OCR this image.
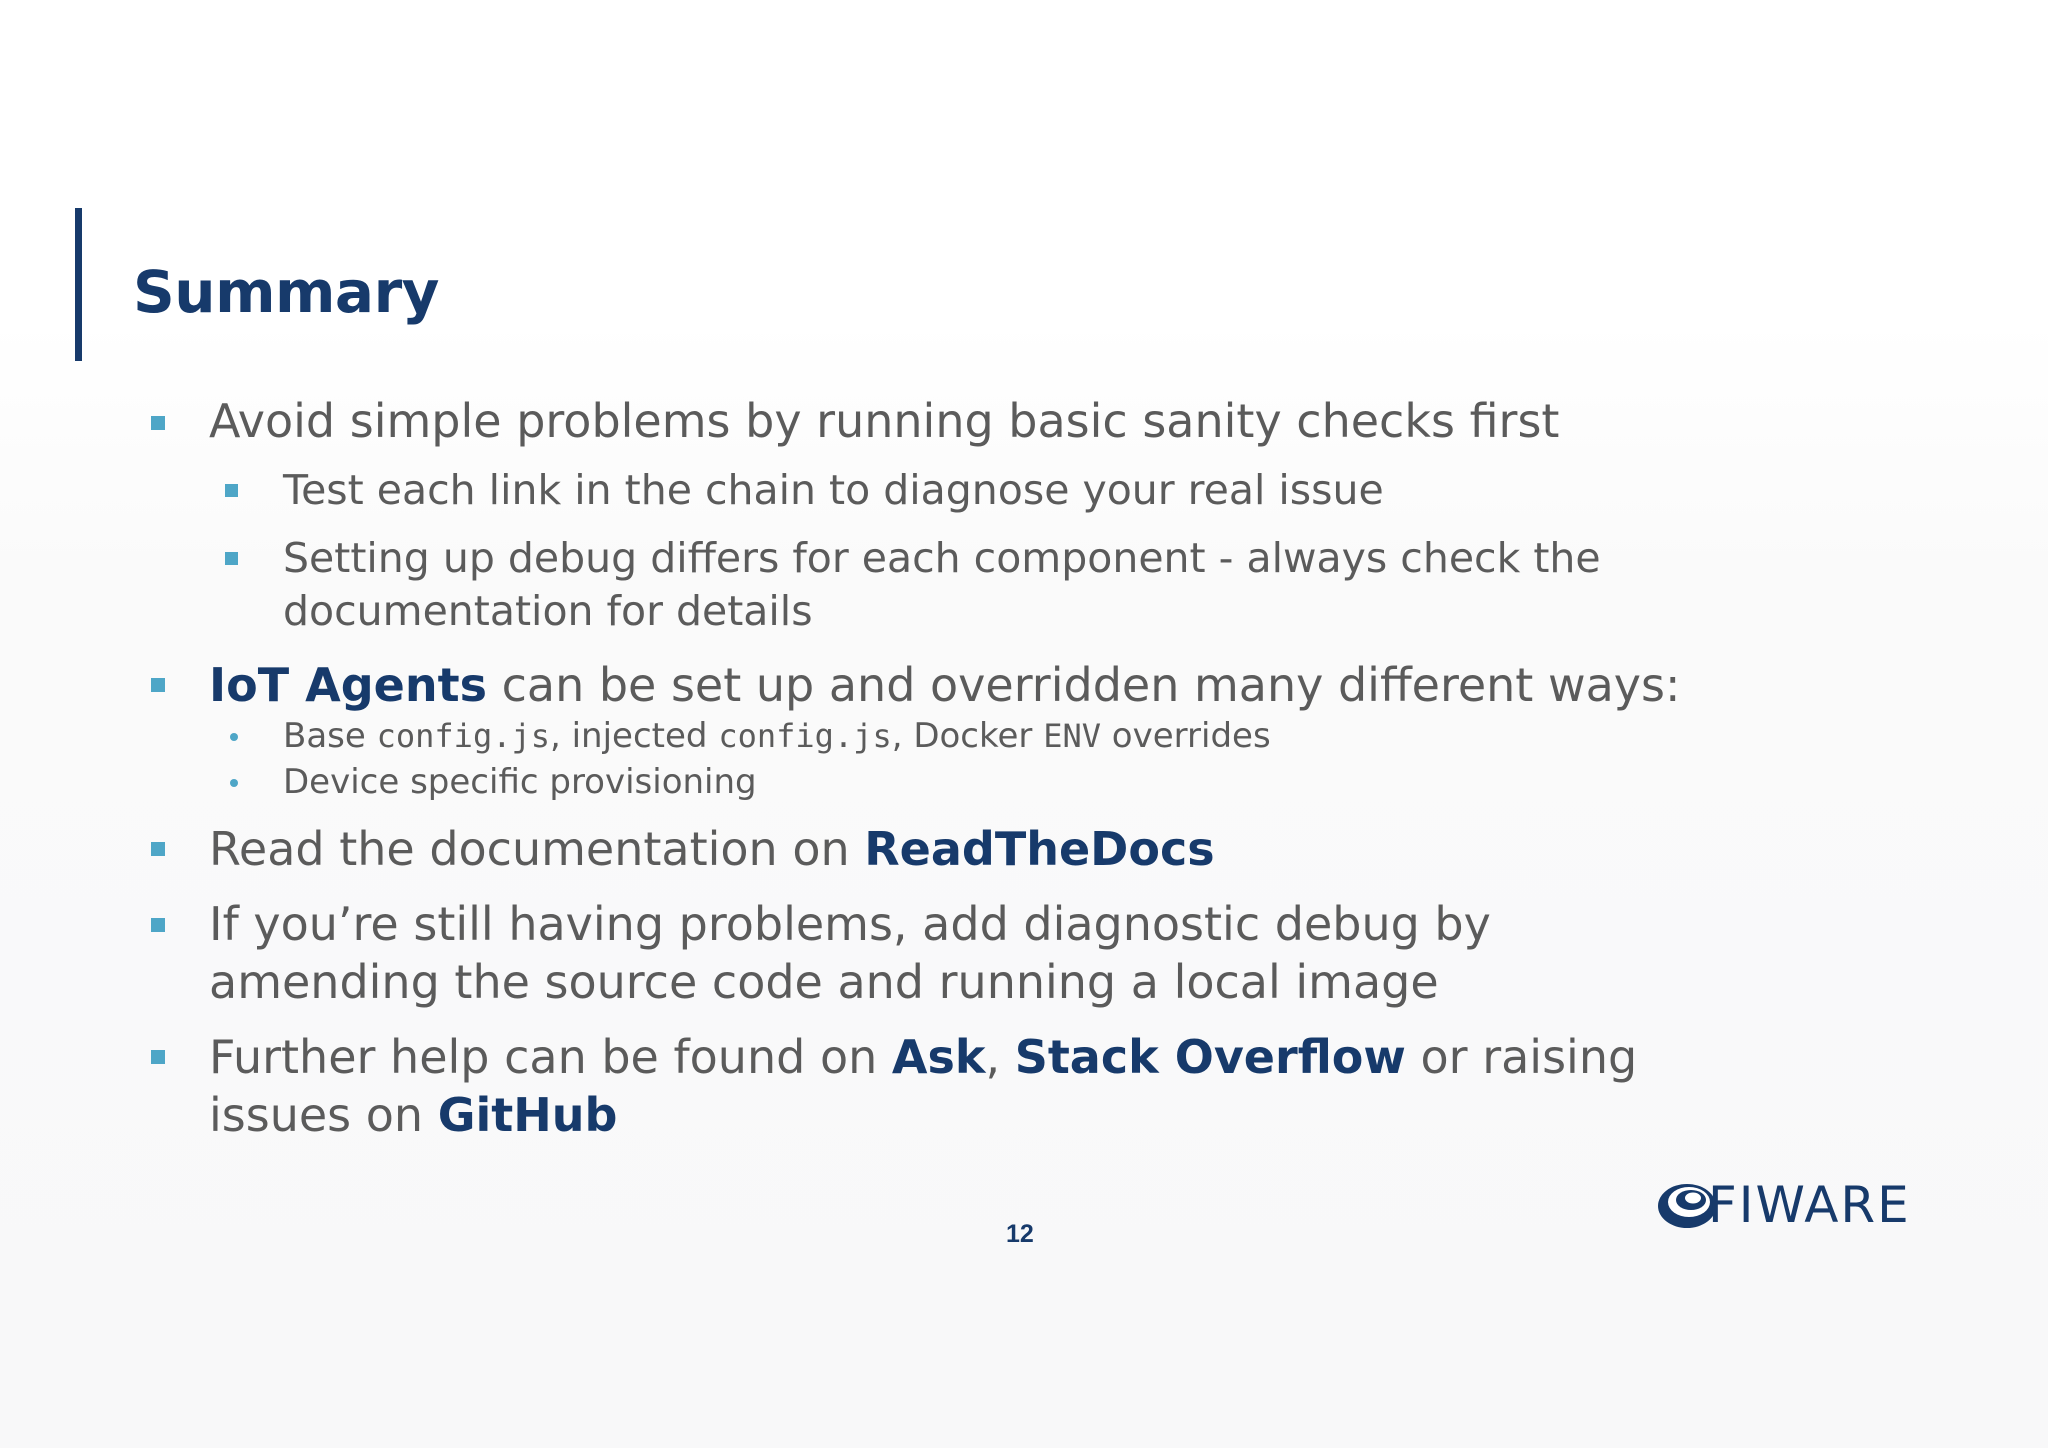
Summary
Avoid simple problems by running basic sanity checks first
Test each link in the chain to diagnose your real issue
Setting up debug differs for each component - always check the
documentation for details
IoT Agents can be set up and overridden many different ways:
Base config.js, injected config.js, Docker ENV overrides
Device specific provisioning
Read the documentation on ReadTheDocs
If you’re still having problems, add diagnostic debug by
amending the source code and running a local image
Further help can be found on Ask, Stack Overflow or raising
issues on GitHub
12	FIWARE
